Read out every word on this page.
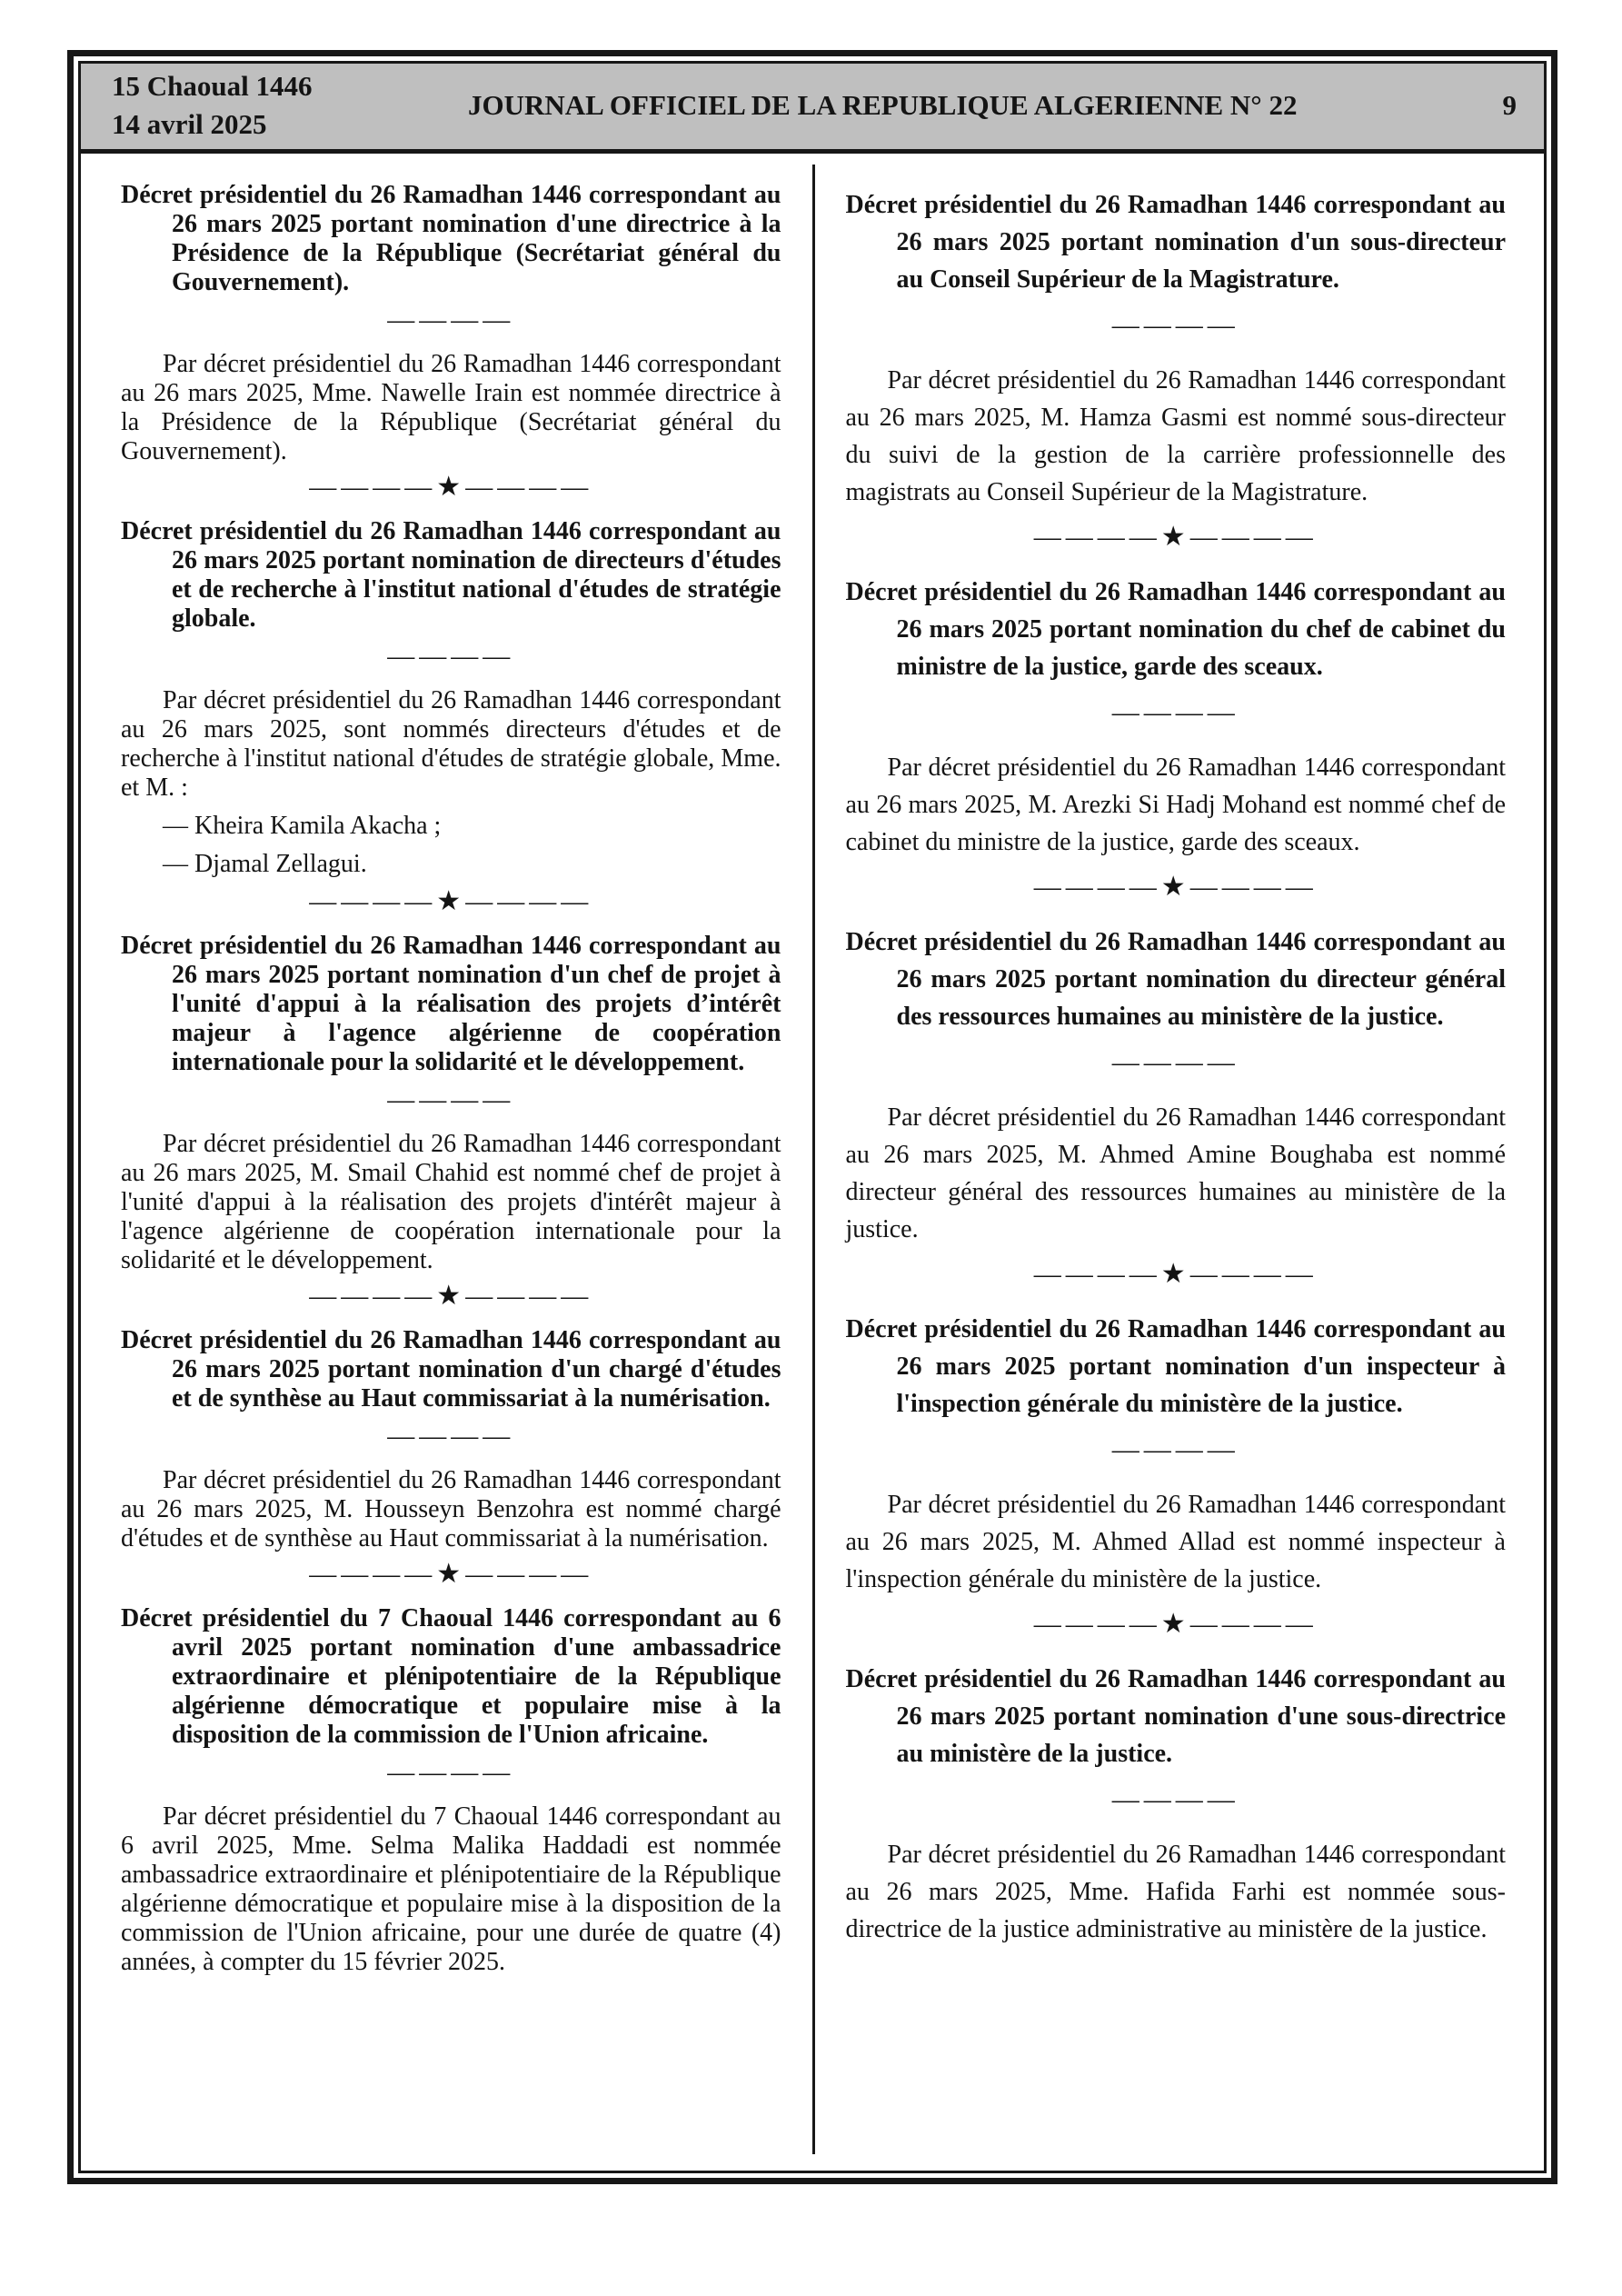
15 Chaoual 1446
14 avril 2025
JOURNAL OFFICIEL DE LA REPUBLIQUE ALGERIENNE N° 22	9
Décret présidentiel du 26 Ramadhan 1446 correspondant au 26 mars 2025 portant nomination d'une directrice à la Présidence de la République (Secrétariat général du Gouvernement).
————
Par décret présidentiel du 26 Ramadhan 1446 correspondant au 26 mars 2025, Mme. Nawelle Irain est nommée directrice à la Présidence de la République (Secrétariat général du Gouvernement).
————★————
Décret présidentiel du 26 Ramadhan 1446 correspondant au 26 mars 2025 portant nomination de directeurs d'études et de recherche à l'institut national d'études de stratégie globale.
————
Par décret présidentiel du 26 Ramadhan 1446 correspondant au 26 mars 2025, sont nommés directeurs d'études et de recherche à l'institut national d'études de stratégie globale, Mme. et M. :
— Kheira Kamila Akacha ;
— Djamal Zellagui.
————★————
Décret présidentiel du 26 Ramadhan 1446 correspondant au 26 mars 2025 portant nomination d'un chef de projet à l'unité d'appui à la réalisation des projets d’intérêt majeur à l'agence algérienne de coopération internationale pour la solidarité et le développement.
————
Par décret présidentiel du 26 Ramadhan 1446 correspondant au 26 mars 2025, M. Smail Chahid est nommé chef de projet à l'unité d'appui à la réalisation des projets d'intérêt majeur à l'agence algérienne de coopération internationale pour la solidarité et le développement.
————★————
Décret présidentiel du 26 Ramadhan 1446 correspondant au 26 mars 2025 portant nomination d'un chargé d'études et de synthèse au Haut commissariat à la numérisation.
————
Par décret présidentiel du 26 Ramadhan 1446 correspondant au 26 mars 2025, M. Housseyn Benzohra est nommé chargé d'études et de synthèse au Haut commissariat à la numérisation.
————★————
Décret présidentiel du 7 Chaoual 1446 correspondant au 6 avril 2025 portant nomination d'une ambassadrice extraordinaire et plénipotentiaire de la République algérienne démocratique et populaire mise à la disposition de la commission de l'Union africaine.
————
Par décret présidentiel du 7 Chaoual 1446 correspondant au 6 avril 2025, Mme. Selma Malika Haddadi est nommée ambassadrice extraordinaire et plénipotentiaire de la République algérienne démocratique et populaire mise à la disposition de la commission de l'Union africaine, pour une durée de quatre (4) années, à compter du 15 février 2025.
Décret présidentiel du 26 Ramadhan 1446 correspondant au 26 mars 2025 portant nomination d'un sous-directeur au Conseil Supérieur de la Magistrature.
————
Par décret présidentiel du 26 Ramadhan 1446 correspondant au 26 mars 2025, M. Hamza Gasmi est nommé sous-directeur du suivi de la gestion de la carrière professionnelle des magistrats au Conseil Supérieur de la Magistrature.
————★————
Décret présidentiel du 26 Ramadhan 1446 correspondant au 26 mars 2025 portant nomination du chef de cabinet du ministre de la justice, garde des sceaux.
————
Par décret présidentiel du 26 Ramadhan 1446 correspondant au 26 mars 2025, M. Arezki Si Hadj Mohand est nommé chef de cabinet du ministre de la justice, garde des sceaux.
————★————
Décret présidentiel du 26 Ramadhan 1446 correspondant au 26 mars 2025 portant nomination du directeur général des ressources humaines au ministère de la justice.
————
Par décret présidentiel du 26 Ramadhan 1446 correspondant au 26 mars 2025, M. Ahmed Amine Boughaba est nommé directeur général des ressources humaines au ministère de la justice.
————★————
Décret présidentiel du 26 Ramadhan 1446 correspondant au 26 mars 2025 portant nomination d'un inspecteur à l'inspection générale du ministère de la justice.
————
Par décret présidentiel du 26 Ramadhan 1446 correspondant au 26 mars 2025, M. Ahmed Allad est nommé inspecteur à l'inspection générale du ministère de la justice.
————★————
Décret présidentiel du 26 Ramadhan 1446 correspondant au 26 mars 2025 portant nomination d'une sous-directrice au ministère de la justice.
————
Par décret présidentiel du 26 Ramadhan 1446 correspondant au 26 mars 2025, Mme. Hafida Farhi est nommée sous-directrice de la justice administrative au ministère de la justice.
